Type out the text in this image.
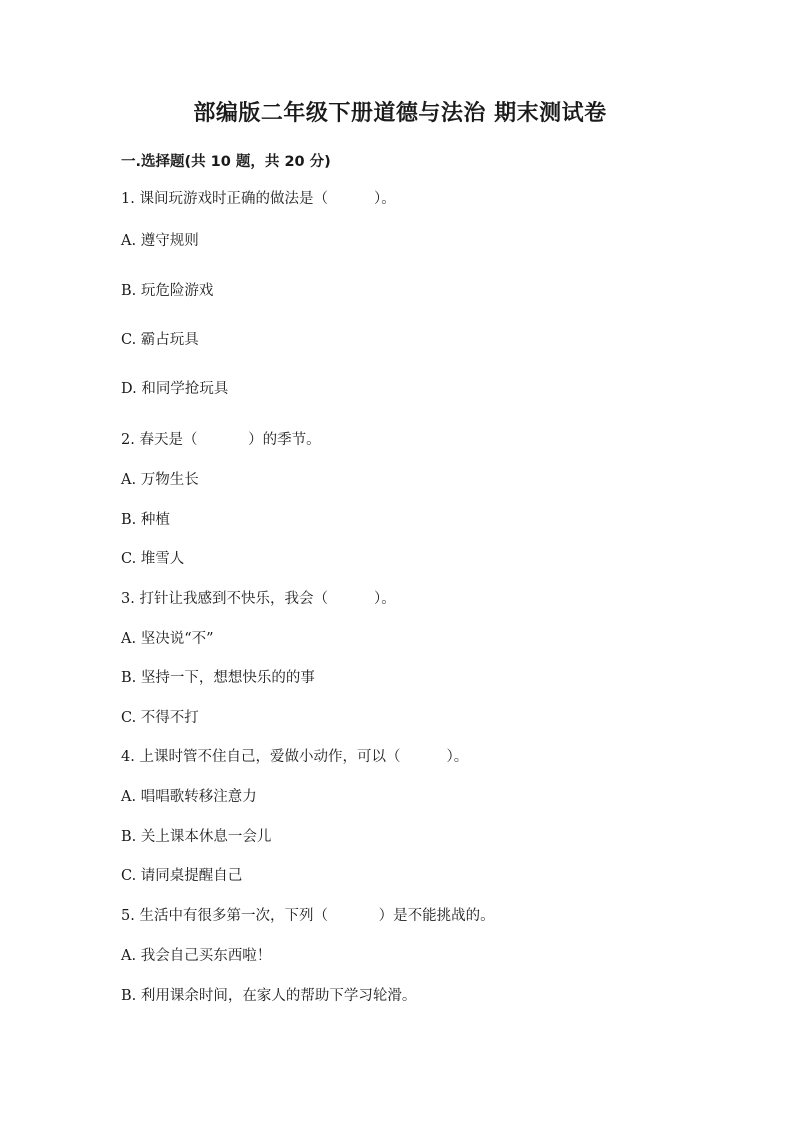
部编版二年级下册道德与法治 期末测试卷

一.选择题(共 10 题，共 20 分)

1. 课间玩游戏时正确的做法是（          ）。

A. 遵守规则

B. 玩危险游戏

C. 霸占玩具

D. 和同学抢玩具

2. 春天是（           ）的季节。

A. 万物生长

B. 种植

C. 堆雪人

3. 打针让我感到不快乐，我会（          ）。

A. 坚决说“不”

B. 坚持一下，想想快乐的的事

C. 不得不打

4. 上课时管不住自己，爱做小动作，可以（          ）。

A. 唱唱歌转移注意力

B. 关上课本休息一会儿

C. 请同桌提醒自己

5. 生活中有很多第一次，下列（           ）是不能挑战的。

A. 我会自己买东西啦！

B. 利用课余时间，在家人的帮助下学习轮滑。
